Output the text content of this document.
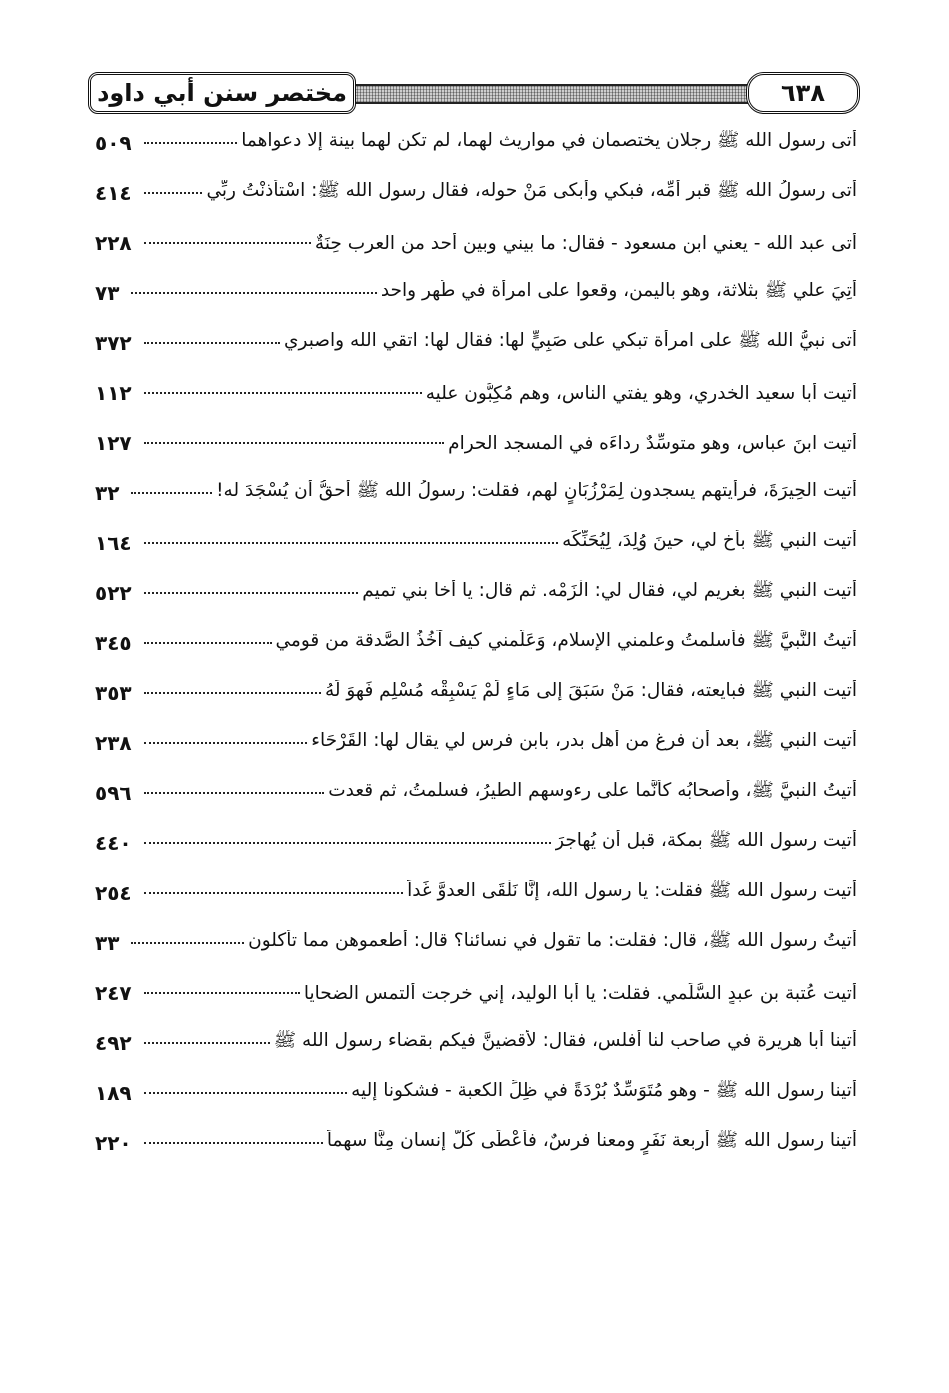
مختصر سنن أبي داود	٦٣٨
٥٠٩	أتى رسول الله ﷺ رجلان يختصمان في مواريث لهما، لم تكن لهما بينة إلا دعواهما
٤١٤	أتى رسولُ الله ﷺ قبر أمِّه، فبكي وأبكى مَنْ حوله، فقال رسول الله ﷺ: اسْتأذنْتُ ربِّي
٢٢٨	أتى عبد الله - يعني ابن مسعود - فقال: ما بيني وبين أحد من العرب حِنَةٌ
٧٣	أُتِيَ علي ﷺ بثلاثة، وهو باليمن، وقعوا على امرأة في طُهر واحد
٣٧٢	أتى نبيُّ الله ﷺ على امرأة تبكي على صَبِيٍّ لها: فقال لها: اتقي الله واصبري
١١٢	أتيت أبا سعيد الخدري، وهو يفتي الناس، وهم مُكِبُّون عليه
١٢٧	أتيت ابنَ عباس، وهو متوسِّدٌ رداءَه في المسجد الحرام
٣٢	أتيت الحِيرَةَ، فرأيتهم يسجدون لِمَرْزُبَانٍ لهم، فقلت: رسولُ الله ﷺ أحقُّ أن يُسْجَدَ له!
١٦٤	أتيت النبي ﷺ بأخ لي، حينَ وُلِدَ، لِيُحَنِّكَه
٥٢٢	أتيت النبي ﷺ بغريم لي، فقال لي: الْزَمْه. ثم قال: يا أخا بني تميم
٣٤٥	أتيتُ النَّبيَّ ﷺ فأسلمتُ وعلمني الإسلام، وَعَلَّمني كيف آخُذُ الصَّدقة من قومي
٣٥٣	أتيت النبي ﷺ فبايعته، فقال: مَنْ سَبَقَ إلى مَاءٍ لَمْ يَسْبِقْه مُسْلِم فَهوَ لَهُ
٢٣٨	أتيت النبي ﷺ، بعد أن فرغ من أهل بدر، بابن فرس لي يقال لها: القَرْحَاء
٥٩٦	أتيتُ النبيَّ ﷺ، وأصحابُه كأنَّما على رءوسهم الطيرُ، فسلمتُ، ثم قعدت
٤٤٠	أتيت رسول الله ﷺ بمكة، قبل أن يُهاجرَ
٢٥٤	أتيت رسول الله ﷺ فقلت: يا رسول الله، إنَّا نَلْقَى العدوَّ غَداً
٣٣	أتيتُ رسول الله ﷺ، قال: فقلت: ما تقول في نسائنا؟ قال: أطعموهن مما تأكلون
٢٤٧	أتيت عُتبة بن عبدٍ السُّلَمي. فقلت: يا أبا الوليد، إني خرجت ألتمس الضحايا
٤٩٢	أتينا أبا هريرة في صاحب لنا أفلس، فقال: لأقضينَّ فيكم بقضاء رسول الله ﷺ
١٨٩	أتينا رسول الله ﷺ - وهو مُتَوَسِّدٌ بُرْدَةً في ظِلِّ الكعبة - فشكونا إليه
٢٢٠	أتينا رسول الله ﷺ أربعة نَفَرٍ ومعنا فرسٌ، فأعْطَى كُلَّ إنسان مِنَّا سهماً
